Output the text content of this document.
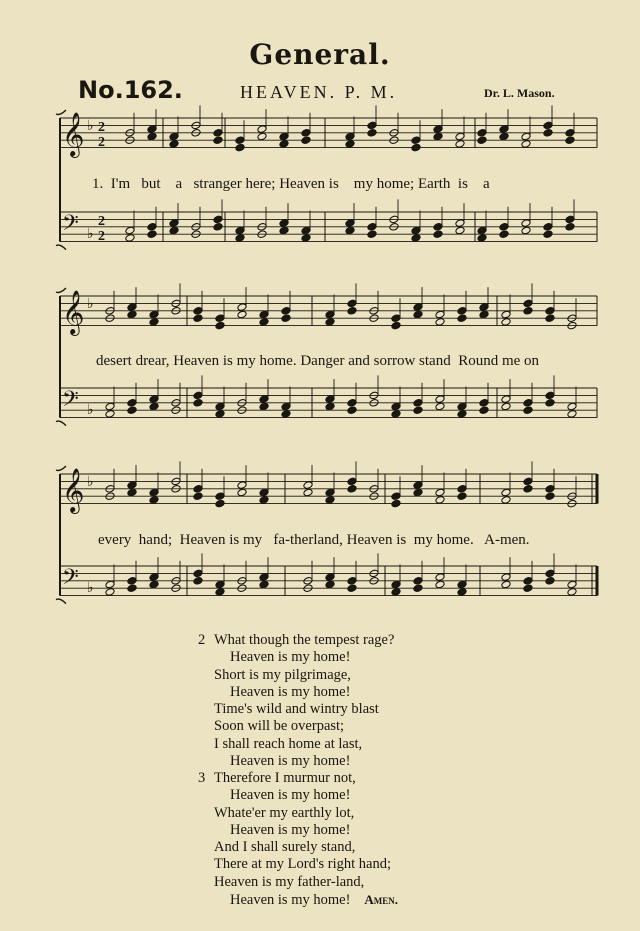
General.
No.162.	HEAVEN. P. M.	Dr. L. Mason.
𝄞 ♭ 2
2
𝄢 ♭
2
2
𝄞 ♭
𝄢 ♭
𝄞 ♭
𝄢 ♭
1.  I'm   but    a   stranger here; Heaven is    my home; Earth  is    a
desert drear, Heaven is my home. Danger and sorrow stand  Round me on
every  hand;  Heaven is my   fa-therland, Heaven is  my home.   A-men.
2 What though the tempest rage?
Heaven is my home!
Short is my pilgrimage,
Heaven is my home!
Time's wild and wintry blast
Soon will be overpast;
I shall reach home at last,
Heaven is my home!
3 Therefore I murmur not,
Heaven is my home!
Whate'er my earthly lot,
Heaven is my home!
And I shall surely stand,
There at my Lord's right hand;
Heaven is my father-land,
Heaven is my home! Amen.
